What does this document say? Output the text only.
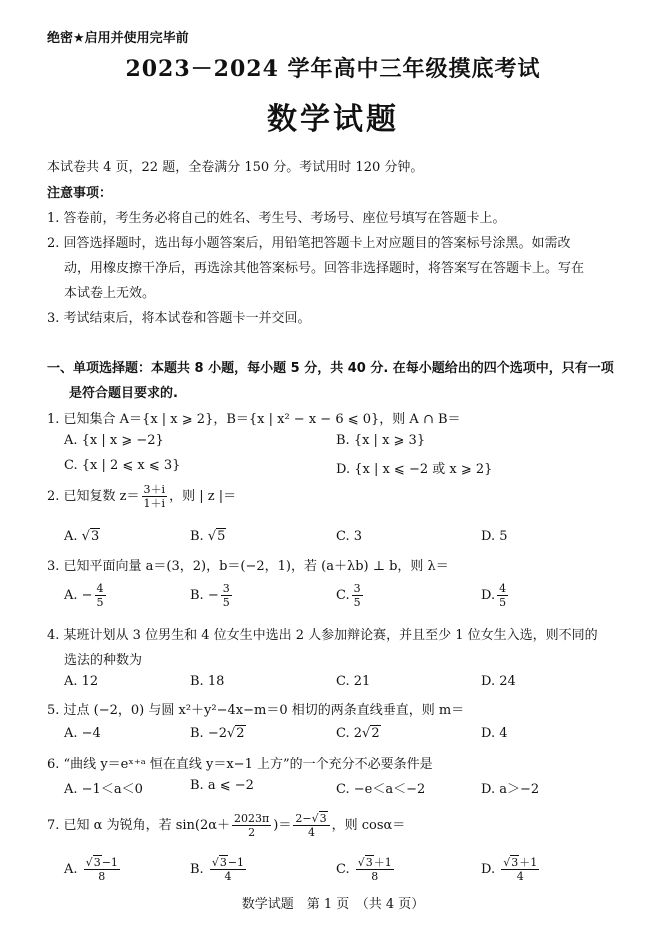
绝密★启用并使用完毕前
2023－2024 学年高中三年级摸底考试
数学试题
本试卷共 4 页，22 题，全卷满分 150 分。考试用时 120 分钟。
注意事项：
1. 答卷前，考生务必将自己的姓名、考生号、考场号、座位号填写在答题卡上。
2. 回答选择题时，选出每小题答案后，用铅笔把答题卡上对应题目的答案标号涂黑。如需改
动，用橡皮擦干净后，再选涂其他答案标号。回答非选择题时，将答案写在答题卡上。写在
本试卷上无效。
3. 考试结束后，将本试卷和答题卡一并交回。
一、单项选择题：本题共 8 小题，每小题 5 分，共 40 分. 在每小题给出的四个选项中，只有一项
是符合题目要求的.
1. 已知集合 A＝{x | x ⩾ 2}，B＝{x | x² − x − 6 ⩽ 0}，则 A ∩ B＝
A. {x | x ⩾ −2}	B. {x | x ⩾ 3}
C. {x | 2 ⩽ x ⩽ 3}	D. {x | x ⩽ −2 或 x ⩾ 2}
2. 已知复数 $z= \frac{3+i}{1+i}$ ，则 | z |＝
A. √3	B. √5	C. 3	D. 5
3. 已知平面向量 a＝(3，2)，b＝(−2，1)，若 (a＋λb) ⊥ b，则 λ＝
A. − $\frac{4}{5}$	B. − $\frac{3}{5}$	C. $\frac{3}{5}$	D. $\frac{4}{5}$
4. 某班计划从 3 位男生和 4 位女生中选出 2 人参加辩论赛，并且至少 1 位女生入选，则不同的
选法的种数为
A. 12	B. 18	C. 21	D. 24
5. 过点 (−2，0) 与圆 x²＋y²−4x−m＝0 相切的两条直线垂直，则 m＝
A. −4	B. −2√2	C. 2√2	D. 4
6. “曲线 y＝eˣ⁺ᵃ 恒在直线 y＝x−1 上方”的一个充分不必要条件是
A. −1＜a＜0	B. a ⩽ −2	C. −e＜a＜−2	D. a＞−2
7. 已知 α 为锐角，若 $\sin(2\alpha+ \frac{2023\pi}{2}$ )＝ $\frac{2-√3}{4}$ ，则 cosα＝
A. $\frac{√3-1}{8}$	B. $\frac{√3-1}{4}$	C. $\frac{√3+1}{8}$	D. $\frac{√3+1}{4}$
数学试题　第 1 页　（共 4 页）
